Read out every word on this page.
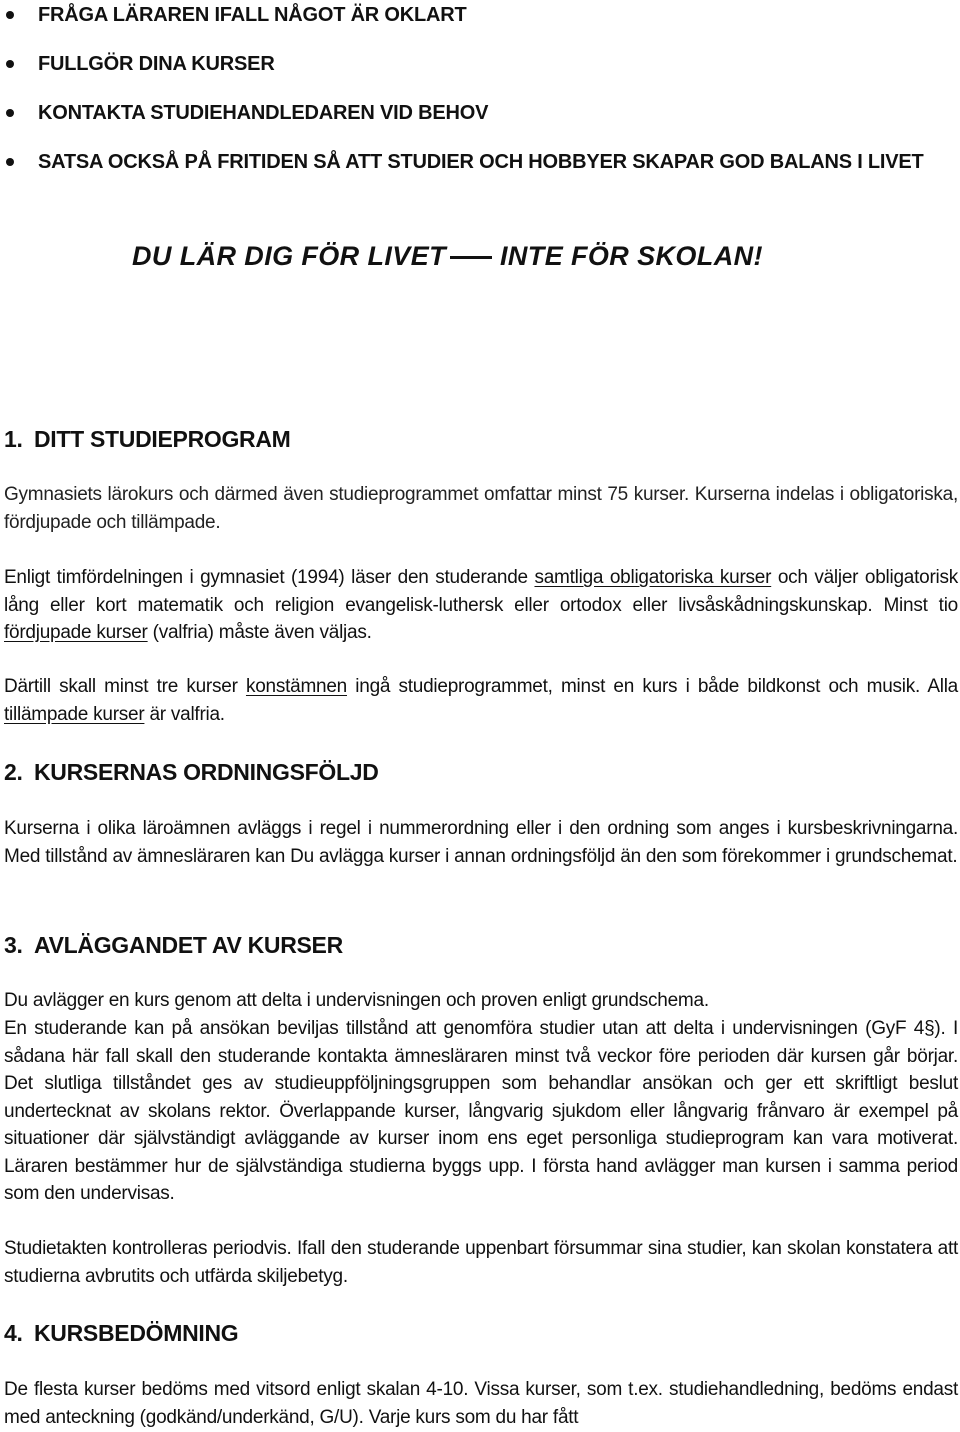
FRÅGA LÄRAREN IFALL NÅGOT ÄR OKLART
FULLGÖR DINA KURSER
KONTAKTA STUDIEHANDLEDAREN VID BEHOV
SATSA OCKSÅ PÅ FRITIDEN SÅ ATT STUDIER OCH HOBBYER SKAPAR GOD BALANS I LIVET
DU LÄR DIG FÖR LIVET INTE FÖR SKOLAN!
1. DITT STUDIEPROGRAM

Gymnasiets lärokurs och därmed även studieprogrammet omfattar minst 75 kurser. Kurserna indelas i obligatoriska, fördjupade och tillämpade.

Enligt timfördelningen i gymnasiet (1994) läser den studerande samtliga obligatoriska kurser och väljer obligatorisk lång eller kort matematik och religion evangelisk-luthersk eller ortodox eller livsåskådningskunskap. Minst tio fördjupade kurser (valfria) måste även väljas.

Därtill skall minst tre kurser konstämnen ingå studieprogrammet, minst en kurs i både bildkonst och musik. Alla tillämpade kurser är valfria.

2. KURSERNAS ORDNINGSFÖLJD

Kurserna i olika läroämnen avläggs i regel i nummerordning eller i den ordning som anges i kursbeskrivningarna. Med tillstånd av ämnesläraren kan Du avlägga kurser i annan ordningsföljd än den som förekommer i grundschemat.

3. AVLÄGGANDET AV KURSER

Du avlägger en kurs genom att delta i undervisningen och proven enligt grundschema.

En studerande kan på ansökan beviljas tillstånd att genomföra studier utan att delta i undervisningen (GyF 4§). I sådana här fall skall den studerande kontakta ämnesläraren minst två veckor före perioden där kursen går börjar. Det slutliga tillståndet ges av studieuppföljningsgruppen som behandlar ansökan och ger ett skriftligt beslut undertecknat av skolans rektor. Överlappande kurser, långvarig sjukdom eller långvarig frånvaro är exempel på situationer där självständigt avläggande av kurser inom ens eget personliga studieprogram kan vara motiverat. Läraren bestämmer hur de självständiga studierna byggs upp. I första hand avlägger man kursen i samma period som den undervisas.

Studietakten kontrolleras periodvis. Ifall den studerande uppenbart försummar sina studier, kan skolan konstatera att studierna avbrutits och utfärda skiljebetyg.

4. KURSBEDÖMNING

De flesta kurser bedöms med vitsord enligt skalan 4-10. Vissa kurser, som t.ex. studiehandledning, bedöms endast med anteckning (godkänd/underkänd, G/U). Varje kurs som du har fått
